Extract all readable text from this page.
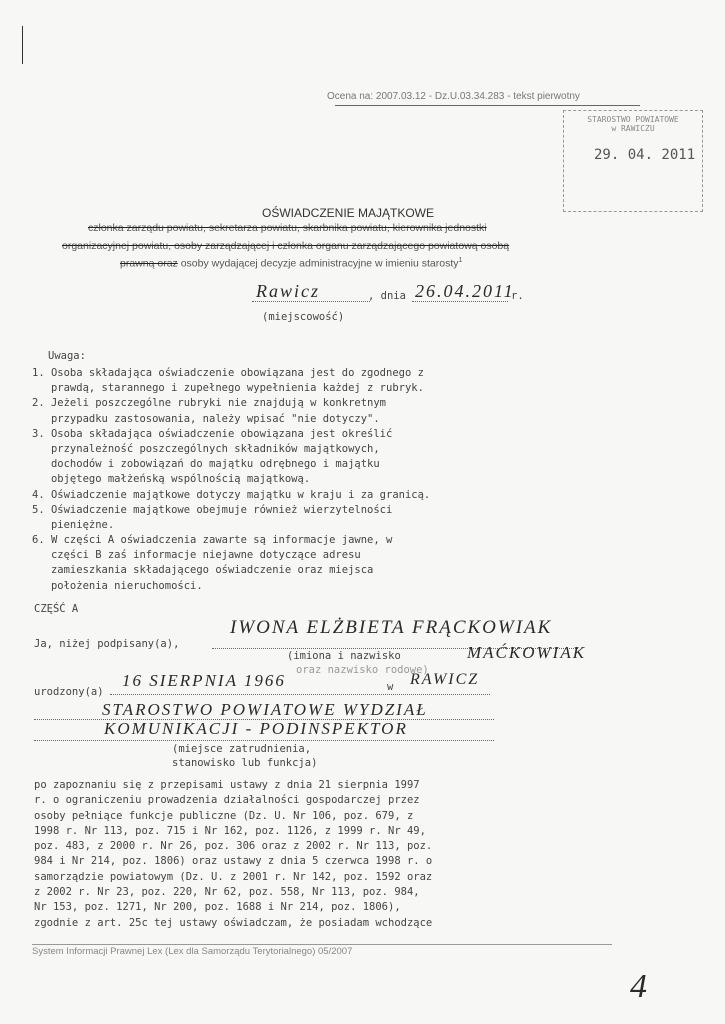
Ocena na: 2007.03.12 - Dz.U.03.34.283 - tekst pierwotny
STAROSTWO POWIATOWE
w RAWICZU
29. 04. 2011
OŚWIADCZENIE MAJĄTKOWE
członka zarządu powiatu, sekretarza powiatu, skarbnika powiatu, kierownika jednostki
organizacyjnej powiatu, osoby zarządzającej i członka organu zarządzającego powiatową osobą
prawną oraz osoby wydającej decyzje administracyjne w imieniu starosty$^1$
Rawicz	, dnia 26.04.2011
r.
(miejscowość)
Uwaga:
1. Osoba składająca oświadczenie obowiązana jest do zgodnego z
prawdą, starannego i zupełnego wypełnienia każdej z rubryk.
2. Jeżeli poszczególne rubryki nie znajdują w konkretnym
przypadku zastosowania, należy wpisać "nie dotyczy".
3. Osoba składająca oświadczenie obowiązana jest określić
przynależność poszczególnych składników majątkowych,
dochodów i zobowiązań do majątku odrębnego i majątku
objętego małżeńską wspólnością majątkową.
4. Oświadczenie majątkowe dotyczy majątku w kraju i za granicą.
5. Oświadczenie majątkowe obejmuje również wierzytelności
pieniężne.
6. W części A oświadczenia zawarte są informacje jawne, w
części B zaś informacje niejawne dotyczące adresu
zamieszkania składającego oświadczenie oraz miejsca
położenia nieruchomości.
CZĘŚĆ A
Ja, niżej podpisany(a),
IWONA ELŻBIETA FRĄCKOWIAK
(imiona i nazwisko	MAĆKOWIAK
oraz nazwisko rodowe)
urodzony(a)
16 SIERPNIA 1966	w RAWICZ
STAROSTWO POWIATOWE WYDZIAŁ
KOMUNIKACJI - PODINSPEKTOR
(miejsce zatrudnienia,
stanowisko lub funkcja)
po zapoznaniu się z przepisami ustawy z dnia 21 sierpnia 1997
r. o ograniczeniu prowadzenia działalności gospodarczej przez
osoby pełniące funkcje publiczne (Dz. U. Nr 106, poz. 679, z
1998 r. Nr 113, poz. 715 i Nr 162, poz. 1126, z 1999 r. Nr 49,
poz. 483, z 2000 r. Nr 26, poz. 306 oraz z 2002 r. Nr 113, poz.
984 i Nr 214, poz. 1806) oraz ustawy z dnia 5 czerwca 1998 r. o
samorządzie powiatowym (Dz. U. z 2001 r. Nr 142, poz. 1592 oraz
z 2002 r. Nr 23, poz. 220, Nr 62, poz. 558, Nr 113, poz. 984,
Nr 153, poz. 1271, Nr 200, poz. 1688 i Nr 214, poz. 1806),
zgodnie z art. 25c tej ustawy oświadczam, że posiadam wchodzące
System Informacji Prawnej Lex (Lex dla Samorządu Terytorialnego) 05/2007
4
